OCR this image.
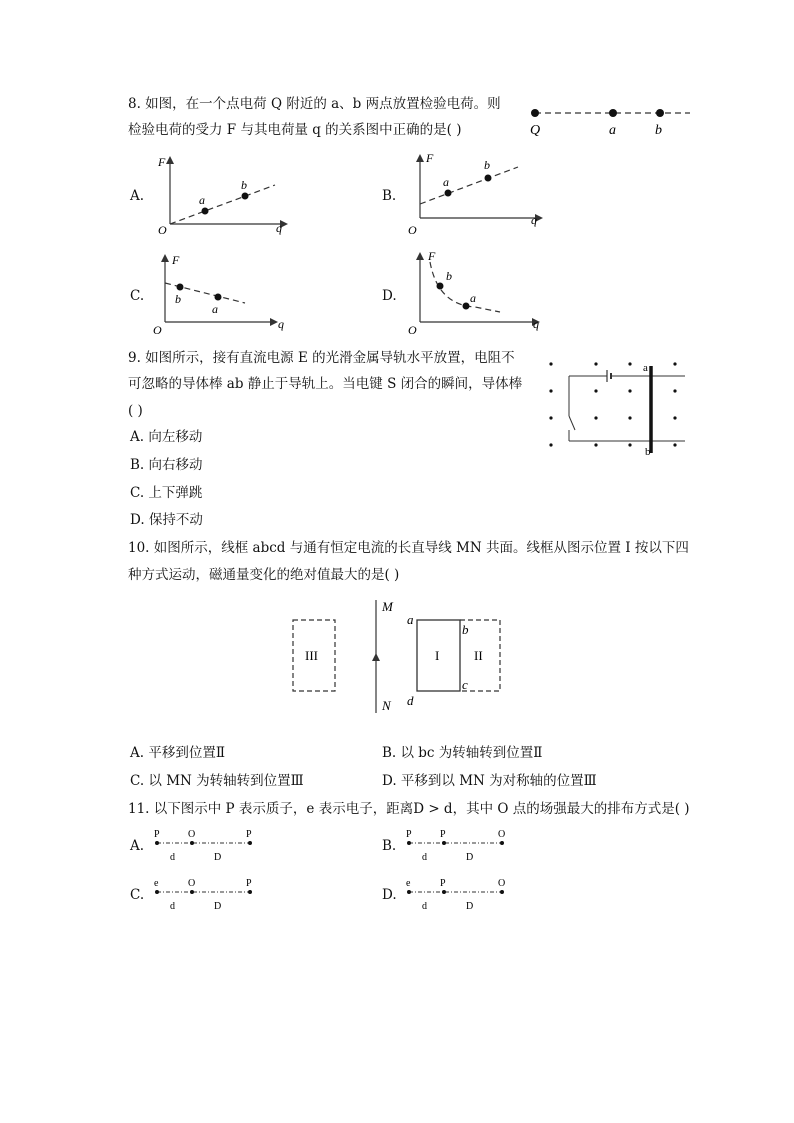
8. 如图，在一个点电荷 Q 附近的 a、b 两点放置检验电荷。则
检验电荷的受力 F 与其电荷量 q 的关系图中正确的是( )	Q	a	b
A.
F
q
O
a
b
B.
F
q
O
a
b
C.
F
q
O
b
a
D.
F
q
O
b
a
9. 如图所示，接有直流电源 E 的光滑金属导轨水平放置，电阻不
可忽略的导体棒 ab 静止于导轨上。当电键 S 闭合的瞬间，导体棒
( )
A. 向左移动
B. 向右移动
C. 上下弹跳
D. 保持不动
a
b
10. 如图所示，线框 abcd 与通有恒定电流的长直导线 MN 共面。线框从图示位置 I 按以下四
种方式运动，磁通量变化的绝对值最大的是( )
M
N
III	I	II
a
b
c
d
A. 平移到位置Ⅱ	B. 以 bc 为转轴转到位置Ⅱ
C. 以 MN 为转轴转到位置Ⅲ	D. 平移到以 MN 为对称轴的位置Ⅲ
11. 以下图示中 P 表示质子，e 表示电子，距离D > d，其中 O 点的场强最大的排布方式是( )
A.
P	O	P
d	D
B.
P	P	O
d	D
C.
e	O	P
d	D
D.
e	P	O
d	D
